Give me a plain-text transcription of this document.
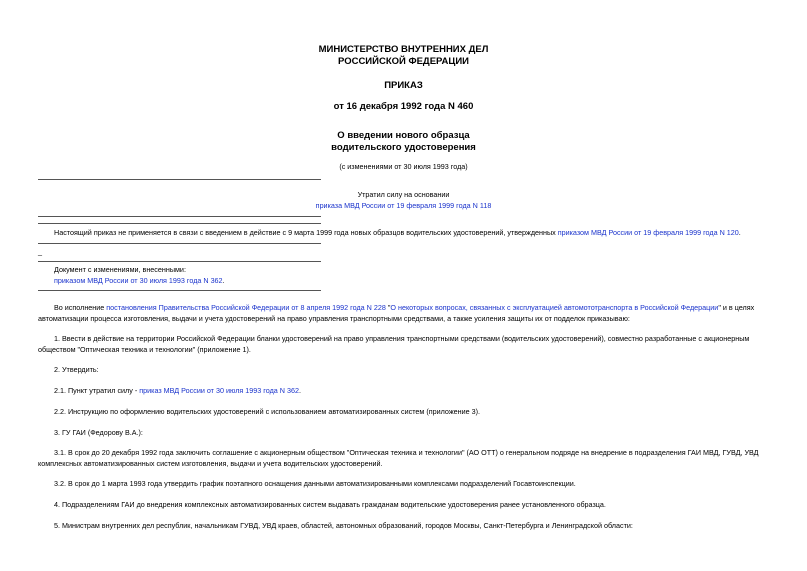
МИНИСТЕРСТВО ВНУТРЕННИХ ДЕЛ
РОССИЙСКОЙ ФЕДЕРАЦИИ
ПРИКАЗ
от 16 декабря 1992 года N 460
О введении нового образца
водительского удостоверения
(с изменениями от 30 июля 1993 года)
Утратил силу на основании
приказа МВД России от 19 февраля 1999 года N 118
Настоящий приказ не применяется в связи с введением в действие с 9 марта 1999 года новых образцов водительских удостоверений, утвержденных приказом МВД России от 19 февраля 1999 года N 120.
_
Документ с изменениями, внесенными:
приказом МВД России от 30 июля 1993 года N 362.
Во исполнение постановления Правительства Российской Федерации от 8 апреля 1992 года N 228 "О некоторых вопросах, связанных с эксплуатацией автомототранспорта в Российской Федерации" и в целях
автоматизации процесса изготовления, выдачи и учета удостоверений на право управления транспортными средствами, а также усиления защиты их от подделок приказываю:
1. Ввести в действие на территории Российской Федерации бланки удостоверений на право управления транспортными средствами (водительских удостоверений), совместно разработанные с акционерным
обществом "Оптическая техника и технологии" (приложение 1).
2. Утвердить:
2.1. Пункт утратил силу - приказ МВД России от 30 июля 1993 года N 362.
2.2. Инструкцию по оформлению водительских удостоверений с использованием автоматизированных систем (приложение 3).
3. ГУ ГАИ (Федорову В.А.):
3.1. В срок до 20 декабря 1992 года заключить соглашение с акционерным обществом "Оптическая техника и технологии" (АО ОТТ) о генеральном подряде на внедрение в подразделения ГАИ МВД, ГУВД, УВД
комплексных автоматизированных систем изготовления, выдачи и учета водительских удостоверений.
3.2. В срок до 1 марта 1993 года утвердить график поэтапного оснащения данными автоматизированными комплексами подразделений Госавтоинспекции.
4. Подразделениям ГАИ до внедрения комплексных автоматизированных систем выдавать гражданам водительские удостоверения ранее установленного образца.
5. Министрам внутренних дел республик, начальникам ГУВД, УВД краев, областей, автономных образований, городов Москвы, Санкт-Петербурга и Ленинградской области:
